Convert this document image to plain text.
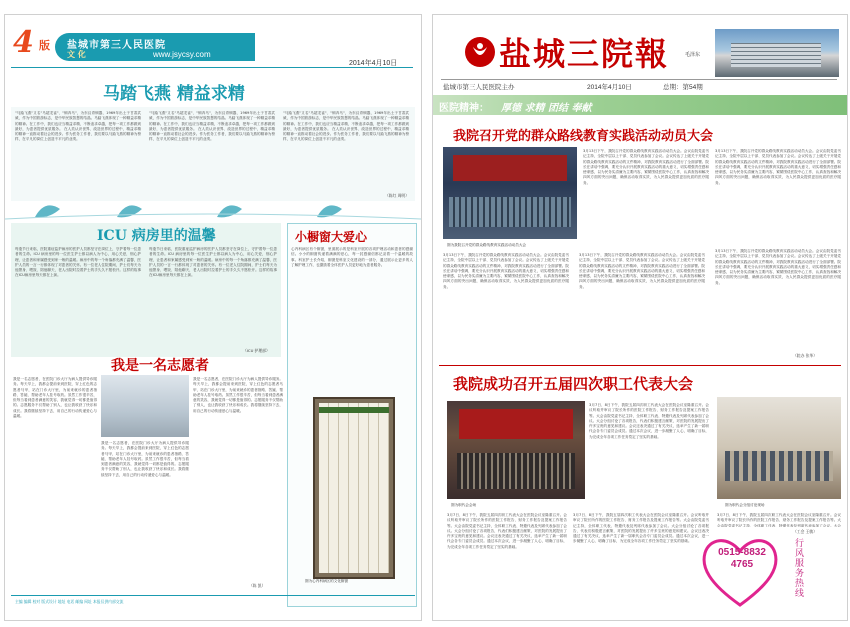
4 版 盐城市第三人民医院
文 化	www.jsycsy.com
2014年4月10日
马踏飞燕 精益求精
"马踏飞燕"又名"马超龙雀"、"铜奔马"，为东汉青铜器，1969年出土于甘肃武威，作为中国旅游标志，是中华民族智慧的结晶。马踏飞燕体现了一种精益求精的精神。在工作中，我们也应当精益求精，不断追求卓越，把每一项工作都做到最好，为患者提供优质服务。 在人类认识世界、改造世界的过程中，精益求精的精神一直推动着社会的进步。作为医务工作者，我们要以马踏飞燕的精神为榜样，在平凡的岗位上创造不平凡的业绩。
"马踏飞燕"又名"马超龙雀"、"铜奔马"，为东汉青铜器，1969年出土于甘肃武威，作为中国旅游标志，是中华民族智慧的结晶。马踏飞燕体现了一种精益求精的精神。在工作中，我们也应当精益求精，不断追求卓越，把每一项工作都做到最好，为患者提供优质服务。 在人类认识世界、改造世界的过程中，精益求精的精神一直推动着社会的进步。作为医务工作者，我们要以马踏飞燕的精神为榜样，在平凡的岗位上创造不平凡的业绩。
"马踏飞燕"又名"马超龙雀"、"铜奔马"，为东汉青铜器，1969年出土于甘肃武威，作为中国旅游标志，是中华民族智慧的结晶。马踏飞燕体现了一种精益求精的精神。在工作中，我们也应当精益求精，不断追求卓越，把每一项工作都做到最好，为患者提供优质服务。 在人类认识世界、改造世界的过程中，精益求精的精神一直推动着社会的进步。作为医务工作者，我们要以马踏飞燕的精神为榜样，在平凡的岗位上创造不平凡的业绩。
（陈红 周明）
ICU 病房里的温馨
每逢节日来临，医院重症监护病房的医护人员都坚守在岗位上，守护着每一位患者的生命。ICU 病房里的每一位医生护士都以病人为中心，用心关爱，细心护理，让患者和家属感受到家一般的温暖。病房中的每一个角落都充满了温馨，医护人员的一言一行都体现了对患者的关怀。有一位老人住院期间，护士们每天为他擦身、喂饭、陪他聊天，老人出院时拉着护士的手久久不愿松开。这样的故事在ICU病房里每天都在上演。
每逢节日来临，医院重症监护病房的医护人员都坚守在岗位上，守护着每一位患者的生命。ICU 病房里的每一位医生护士都以病人为中心，用心关爱，细心护理，让患者和家属感受到家一般的温暖。病房中的每一个角落都充满了温馨，医护人员的一言一行都体现了对患者的关怀。有一位老人住院期间，护士们每天为他擦身、喂饭、陪他聊天，老人出院时拉着护士的手久久不愿松开。这样的故事在ICU病房里每天都在上演。
（ICU 护理部）
小橱窗大爱心
心内科病区有个橱窗，里面展示的是科室开展的各项护理活动和患者的感谢信。小小的橱窗传递着满满的爱心，每一封感谢信都记录着一个温暖的故事。科室护士长介绍，橱窗是科室文化建设的一部分，通过展示让更多的人了解护理工作，也激励着全体医护人员更好地为患者服务。
图为心内科病区的文化橱窗
我是一名志愿者
我是一名志愿者，在医院门诊大厅为病人提供导诊服务。每天早上，我都会提前来到医院，穿上红色的志愿者马甲，站在门诊大厅里，为前来就诊的患者指路、答疑、帮助老年人挂号取药。虽然工作很辛苦，但每当看到患者满意的笑容，我就觉得一切都是值得的。志愿服务不仅帮助了别人，也让我收获了快乐和成长。我将继续坚持下去，用自己的行动传递爱心与温暖。
我是一名志愿者，在医院门诊大厅为病人提供导诊服务。每天早上，我都会提前来到医院，穿上红色的志愿者马甲，站在门诊大厅里，为前来就诊的患者指路、答疑、帮助老年人挂号取药。虽然工作很辛苦，但每当看到患者满意的笑容，我就觉得一切都是值得的。志愿服务不仅帮助了别人，也让我收获了快乐和成长。我将继续坚持下去，用自己的行动传递爱心与温暖。
我是一名志愿者，在医院门诊大厅为病人提供导诊服务。每天早上，我都会提前来到医院，穿上红色的志愿者马甲，站在门诊大厅里，为前来就诊的患者指路、答疑、帮助老年人挂号取药。虽然工作很辛苦，但每当看到患者满意的笑容，我就觉得一切都是值得的。志愿服务不仅帮助了别人，也让我收获了快乐和成长。我将继续坚持下去，用自己的行动传递爱心与温暖。
（陈 凯）
主编 编辑 校对 版式设计 地址 电话 邮编 网址 本报仅供内部交流
盐城三院報	毛泽东
盐城市第三人民医院主办	2014年4月10日	总期：第54期
医院精神： 厚德 求精 团结 奉献
我院召开党的群众路线教育实践活动动员大会
图为我院召开党的群众路线教育实践活动动员大会
3月13日下午，我院召开党的群众路线教育实践活动动员大会。会议由院党委书记主持，全院中层以上干部、党员代表参加了会议。会议传达了上级关于开展党的群众路线教育实践活动的文件精神，对我院教育实践活动进行了全面部署。院长在讲话中强调，要充分认识开展教育实践活动的重大意义，切实增强责任感和使命感，以为民务实清廉为主要内容，紧紧围绕医院中心工作，认真查找和解决四风方面的突出问题，确保活动取得实效，为人民群众提供更加优质的医疗服务。
3月13日下午，我院召开党的群众路线教育实践活动动员大会。会议由院党委书记主持，全院中层以上干部、党员代表参加了会议。会议传达了上级关于开展党的群众路线教育实践活动的文件精神，对我院教育实践活动进行了全面部署。院长在讲话中强调，要充分认识开展教育实践活动的重大意义，切实增强责任感和使命感，以为民务实清廉为主要内容，紧紧围绕医院中心工作，认真查找和解决四风方面的突出问题，确保活动取得实效，为人民群众提供更加优质的医疗服务。
3月13日下午，我院召开党的群众路线教育实践活动动员大会。会议由院党委书记主持，全院中层以上干部、党员代表参加了会议。会议传达了上级关于开展党的群众路线教育实践活动的文件精神，对我院教育实践活动进行了全面部署。院长在讲话中强调，要充分认识开展教育实践活动的重大意义，切实增强责任感和使命感，以为民务实清廉为主要内容，紧紧围绕医院中心工作，认真查找和解决四风方面的突出问题，确保活动取得实效，为人民群众提供更加优质的医疗服务。
3月13日下午，我院召开党的群众路线教育实践活动动员大会。会议由院党委书记主持，全院中层以上干部、党员代表参加了会议。会议传达了上级关于开展党的群众路线教育实践活动的文件精神，对我院教育实践活动进行了全面部署。院长在讲话中强调，要充分认识开展教育实践活动的重大意义，切实增强责任感和使命感，以为民务实清廉为主要内容，紧紧围绕医院中心工作，认真查找和解决四风方面的突出问题，确保活动取得实效，为人民群众提供更加优质的医疗服务。
3月13日下午，我院召开党的群众路线教育实践活动动员大会。会议由院党委书记主持，全院中层以上干部、党员代表参加了会议。会议传达了上级关于开展党的群众路线教育实践活动的文件精神，对我院教育实践活动进行了全面部署。院长在讲话中强调，要充分认识开展教育实践活动的重大意义，切实增强责任感和使命感，以为民务实清廉为主要内容，紧紧围绕医院中心工作，认真查找和解决四风方面的突出问题，确保活动取得实效，为人民群众提供更加优质的医疗服务。
（院办 张华）
我院成功召开五届四次职工代表大会
图为职代会会场
3月7日、8日下午，我院五届四次职工代表大会在医院会议室隆重召开。会议听取并审议了院长所作的医院工作报告、财务工作报告及提案工作报告等。大会由院党委书记主持，全体职工代表、特邀代表及列席代表参加了会议。大会分组讨论了各项报告，代表们积极建言献策，对医院的发展提出了许多宝贵的意见和建议。会议还表决通过了有关决议，选举产生了新一届职代会各专门委员会成员。通过本次会议，进一步凝聚了人心，明确了目标，为完成全年各项工作任务奠定了坚实的基础。
图为职代会分组讨论现场
3月7日、8日下午，我院五届四次职工代表大会在医院会议室隆重召开。会议听取并审议了院长所作的医院工作报告、财务工作报告及提案工作报告等。大会由院党委书记主持，全体职工代表、特邀代表及列席代表参加了会议。大会分组讨论了各项报告，代表们积极建言献策，对医院的发展提出了许多宝贵的意见和建议。会议还表决通过了有关决议，选举产生了新一届职代会各专门委员会成员。通过本次会议，进一步凝聚了人心，明确了目标，为完成全年各项工作任务奠定了坚实的基础。
3月7日、8日下午，我院五届四次职工代表大会在医院会议室隆重召开。会议听取并审议了院长所作的医院工作报告、财务工作报告及提案工作报告等。大会由院党委书记主持，全体职工代表、特邀代表及列席代表参加了会议。大会分组讨论了各项报告，代表们积极建言献策，对医院的发展提出了许多宝贵的意见和建议。会议还表决通过了有关决议，选举产生了新一届职代会各专门委员会成员。通过本次会议，进一步凝聚了人心，明确了目标，为完成全年各项工作任务奠定了坚实的基础。
3月7日、8日下午，我院五届四次职工代表大会在医院会议室隆重召开。会议听取并审议了院长所作的医院工作报告、财务工作报告及提案工作报告等。大会由院党委书记主持，全体职工代表、特邀代表及列席代表参加了会议。大会
（工会 王敏）
0515-88324765
行风服务热线
